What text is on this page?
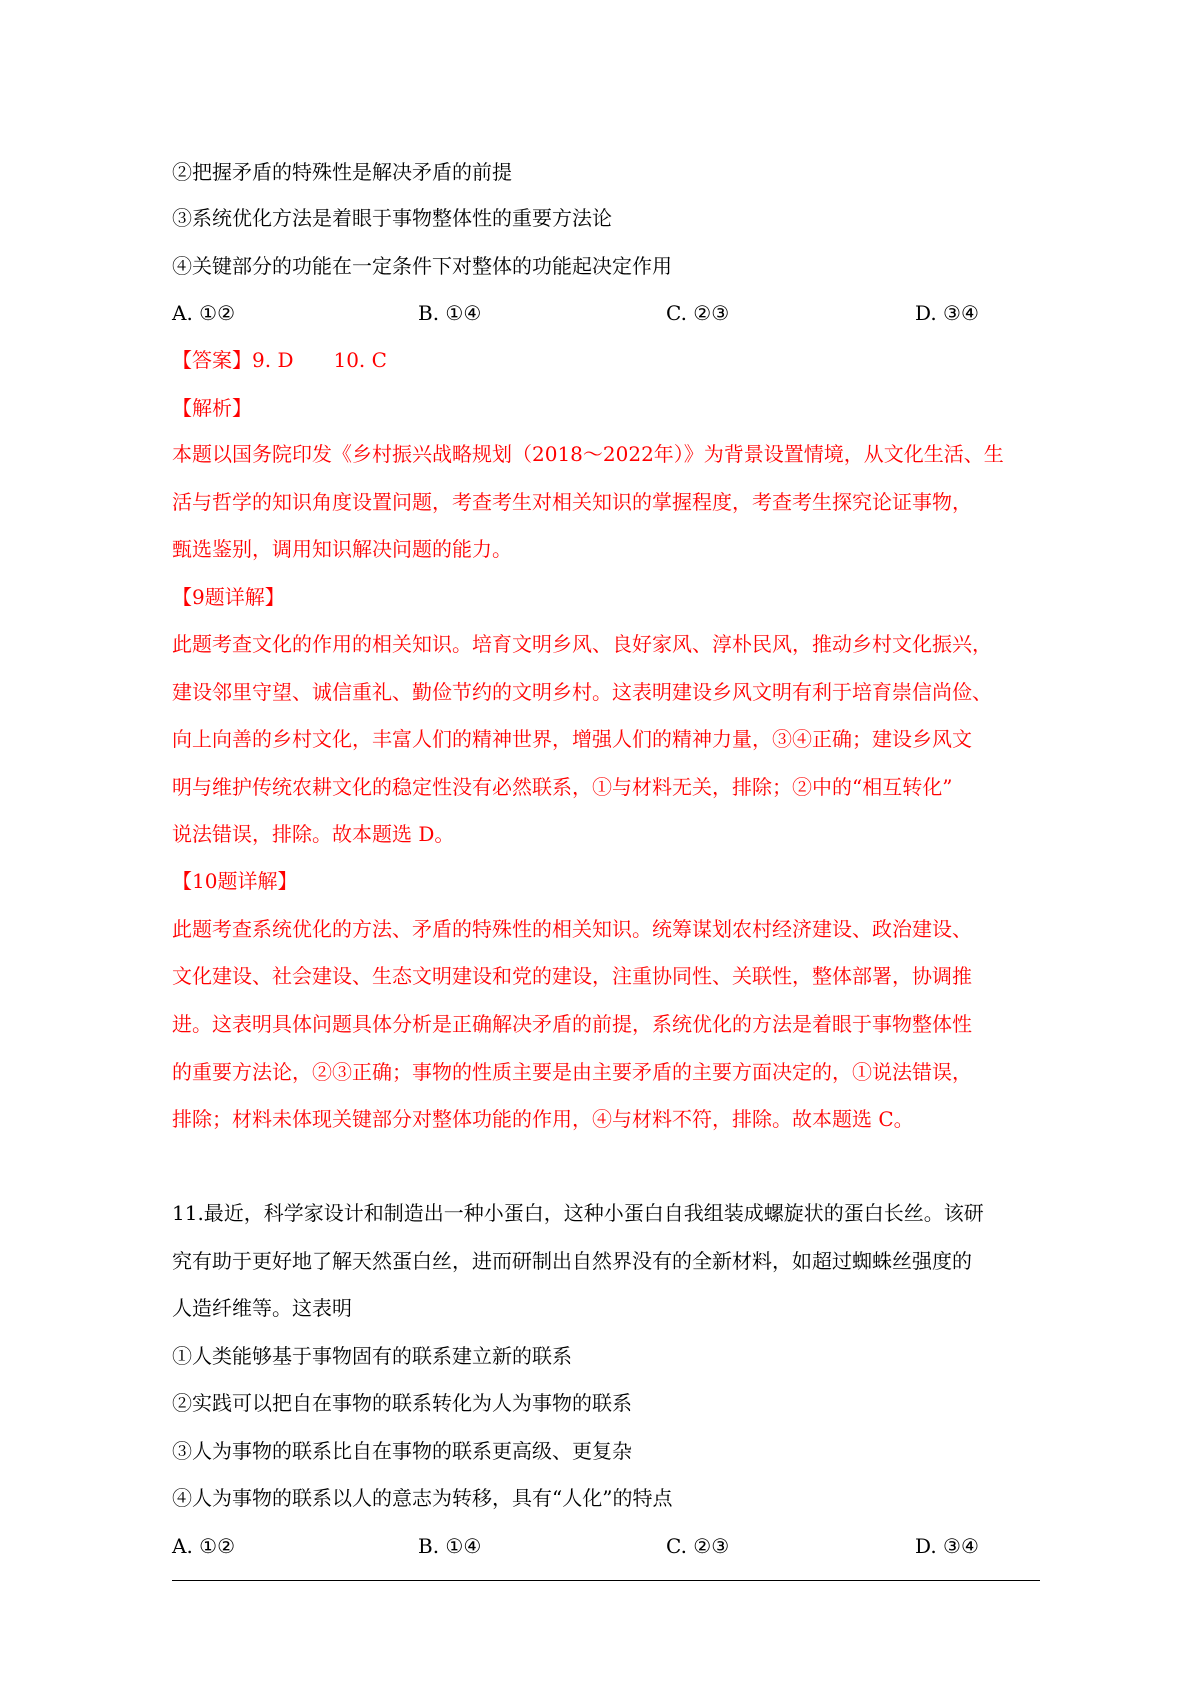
②把握矛盾的特殊性是解决矛盾的前提
③系统优化方法是着眼于事物整体性的重要方法论
④关键部分的功能在一定条件下对整体的功能起决定作用
A. ①②	B. ①④	C. ②③	D. ③④
【答案】9. D 10. C
【解析】
本题以国务院印发《乡村振兴战略规划（2018～2022年）》为背景设置情境，从文化生活、生
活与哲学的知识角度设置问题，考查考生对相关知识的掌握程度，考查考生探究论证事物，
甄选鉴别，调用知识解决问题的能力。
【9题详解】
此题考查文化的作用的相关知识。培育文明乡风、良好家风、淳朴民风，推动乡村文化振兴，
建设邻里守望、诚信重礼、勤俭节约的文明乡村。这表明建设乡风文明有利于培育崇信尚俭、
向上向善的乡村文化，丰富人们的精神世界，增强人们的精神力量，③④正确；建设乡风文
明与维护传统农耕文化的稳定性没有必然联系，①与材料无关，排除；②中的“相互转化”
说法错误，排除。故本题选 D。
【10题详解】
此题考查系统优化的方法、矛盾的特殊性的相关知识。统筹谋划农村经济建设、政治建设、
文化建设、社会建设、生态文明建设和党的建设，注重协同性、关联性，整体部署，协调推
进。这表明具体问题具体分析是正确解决矛盾的前提，系统优化的方法是着眼于事物整体性
的重要方法论，②③正确；事物的性质主要是由主要矛盾的主要方面决定的，①说法错误，
排除；材料未体现关键部分对整体功能的作用，④与材料不符，排除。故本题选 C。
11.最近，科学家设计和制造出一种小蛋白，这种小蛋白自我组装成螺旋状的蛋白长丝。该研
究有助于更好地了解天然蛋白丝，进而研制出自然界没有的全新材料，如超过蜘蛛丝强度的
人造纤维等。这表明
①人类能够基于事物固有的联系建立新的联系
②实践可以把自在事物的联系转化为人为事物的联系
③人为事物的联系比自在事物的联系更高级、更复杂
④人为事物的联系以人的意志为转移，具有“人化”的特点
A. ①②	B. ①④	C. ②③	D. ③④
